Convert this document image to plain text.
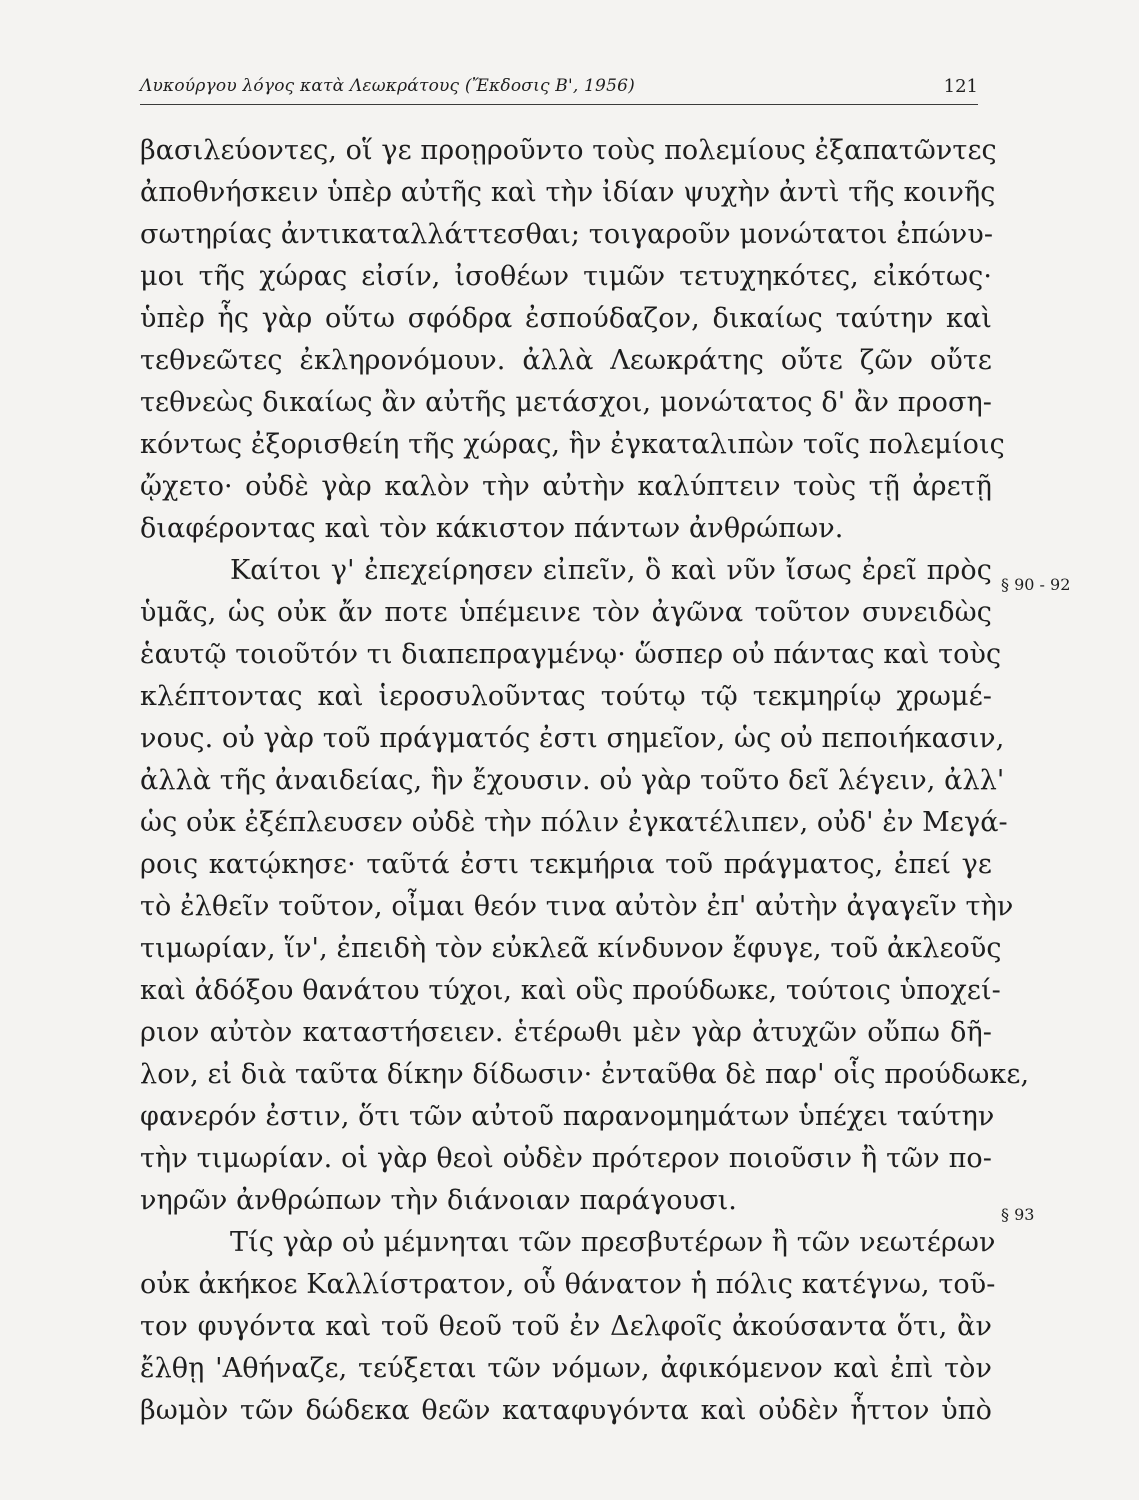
Λυκούργου λόγος κατὰ Λεωκράτους (Ἔκδοσις Β', 1956)	121
βασιλεύοντες, οἵ γε προῃροῦντο τοὺς πολεμίους ἐξαπατῶντες
ἀποθνήσκειν ὑπὲρ αὐτῆς καὶ τὴν ἰδίαν ψυχὴν ἀντὶ τῆς κοινῆς
σωτηρίας ἀντικαταλλάττεσθαι; τοιγαροῦν μονώτατοι ἐπώνυ-
μοι τῆς χώρας εἰσίν, ἰσοθέων τιμῶν τετυχηκότες, εἰκότως·
ὑπὲρ ἧς γὰρ οὕτω σφόδρα ἐσπούδαζον, δικαίως ταύτην καὶ
τεθνεῶτες ἐκληρονόμουν. ἀλλὰ Λεωκράτης οὔτε ζῶν οὔτε
τεθνεὼς δικαίως ἂν αὐτῆς μετάσχοι, μονώτατος δ' ἂν προση-
κόντως ἐξορισθείη τῆς χώρας, ἣν ἐγκαταλιπὼν τοῖς πολεμίοις
ᾤχετο· οὐδὲ γὰρ καλὸν τὴν αὐτὴν καλύπτειν τοὺς τῇ ἀρετῇ
διαφέροντας καὶ τὸν κάκιστον πάντων ἀνθρώπων.
Καίτοι γ' ἐπεχείρησεν εἰπεῖν, ὃ καὶ νῦν ἴσως ἐρεῖ πρὸς
ὑμᾶς, ὡς οὐκ ἄν ποτε ὑπέμεινε τὸν ἀγῶνα τοῦτον συνειδὼς
ἑαυτῷ τοιοῦτόν τι διαπεπραγμένῳ· ὥσπερ οὐ πάντας καὶ τοὺς
κλέπτοντας καὶ ἱεροσυλοῦντας τούτῳ τῷ τεκμηρίῳ χρωμέ-
νους. οὐ γὰρ τοῦ πράγματός ἐστι σημεῖον, ὡς οὐ πεποιήκασιν,
ἀλλὰ τῆς ἀναιδείας, ἣν ἔχουσιν. οὐ γὰρ τοῦτο δεῖ λέγειν, ἀλλ'
ὡς οὐκ ἐξέπλευσεν οὐδὲ τὴν πόλιν ἐγκατέλιπεν, οὐδ' ἐν Μεγά-
ροις κατῴκησε· ταῦτά ἐστι τεκμήρια τοῦ πράγματος, ἐπεί γε
τὸ ἐλθεῖν τοῦτον, οἶμαι θεόν τινα αὐτὸν ἐπ' αὐτὴν ἀγαγεῖν τὴν
τιμωρίαν, ἵν', ἐπειδὴ τὸν εὐκλεᾶ κίνδυνον ἔφυγε, τοῦ ἀκλεοῦς
καὶ ἀδόξου θανάτου τύχοι, καὶ οὓς προύδωκε, τούτοις ὑποχεί-
ριον αὐτὸν καταστήσειεν. ἑτέρωθι μὲν γὰρ ἀτυχῶν οὔπω δῆ-
λον, εἰ διὰ ταῦτα δίκην δίδωσιν· ἐνταῦθα δὲ παρ' οἷς προύδωκε,
φανερόν ἐστιν, ὅτι τῶν αὐτοῦ παρανομημάτων ὑπέχει ταύτην
τὴν τιμωρίαν. οἱ γὰρ θεοὶ οὐδὲν πρότερον ποιοῦσιν ἢ τῶν πο-
νηρῶν ἀνθρώπων τὴν διάνοιαν παράγουσι.
Τίς γὰρ οὐ μέμνηται τῶν πρεσβυτέρων ἢ τῶν νεωτέρων
οὐκ ἀκήκοε Καλλίστρατον, οὗ θάνατον ἡ πόλις κατέγνω, τοῦ-
τον φυγόντα καὶ τοῦ θεοῦ τοῦ ἐν Δελφοῖς ἀκούσαντα ὅτι, ἂν
ἔλθῃ 'Αθήναζε, τεύξεται τῶν νόμων, ἀφικόμενον καὶ ἐπὶ τὸν
βωμὸν τῶν δώδεκα θεῶν καταφυγόντα καὶ οὐδὲν ἧττον ὑπὸ
§ 90 - 92
§ 93
